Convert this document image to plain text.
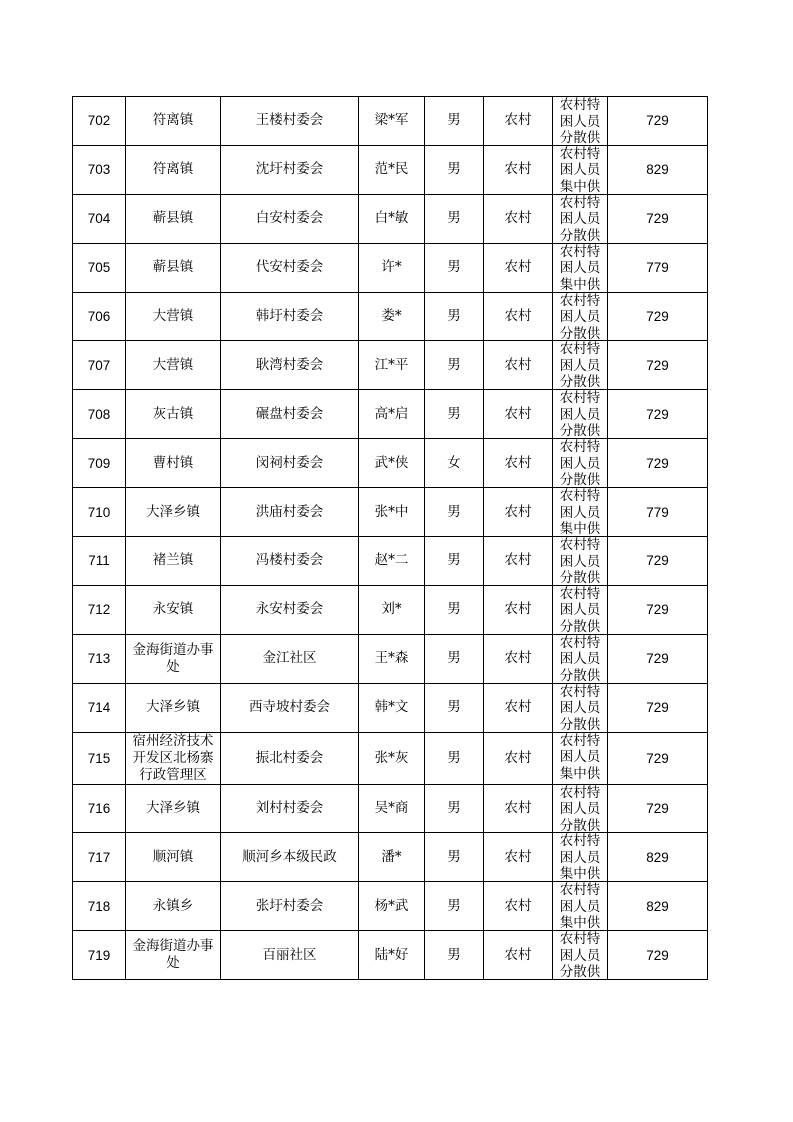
702	符离镇	王楼村委会	梁*军	男	农村	农村特困人员分散供	729
703	符离镇	沈圩村委会	范*民	男	农村	农村特困人员集中供	829
704	蕲县镇	白安村委会	白*敏	男	农村	农村特困人员分散供	729
705	蕲县镇	代安村委会	许*	男	农村	农村特困人员集中供	779
706	大营镇	韩圩村委会	娄*	男	农村	农村特困人员分散供	729
707	大营镇	耿湾村委会	江*平	男	农村	农村特困人员分散供	729
708	灰古镇	碾盘村委会	高*启	男	农村	农村特困人员分散供	729
709	曹村镇	闵祠村委会	武*侠	女	农村	农村特困人员分散供	729
710	大泽乡镇	洪庙村委会	张*中	男	农村	农村特困人员集中供	779
711	褚兰镇	冯楼村委会	赵*二	男	农村	农村特困人员分散供	729
712	永安镇	永安村委会	刘*	男	农村	农村特困人员分散供	729
713	金海街道办事处	金江社区	王*森	男	农村	农村特困人员分散供	729
714	大泽乡镇	西寺坡村委会	韩*文	男	农村	农村特困人员分散供	729
715	宿州经济技术开发区北杨寨行政管理区	振北村委会	张*灰	男	农村	农村特困人员集中供	729
716	大泽乡镇	刘村村委会	吴*商	男	农村	农村特困人员分散供	729
717	顺河镇	顺河乡本级民政	潘*	男	农村	农村特困人员集中供	829
718	永镇乡	张圩村委会	杨*武	男	农村	农村特困人员集中供	829
719	金海街道办事处	百丽社区	陆*好	男	农村	农村特困人员分散供	729
